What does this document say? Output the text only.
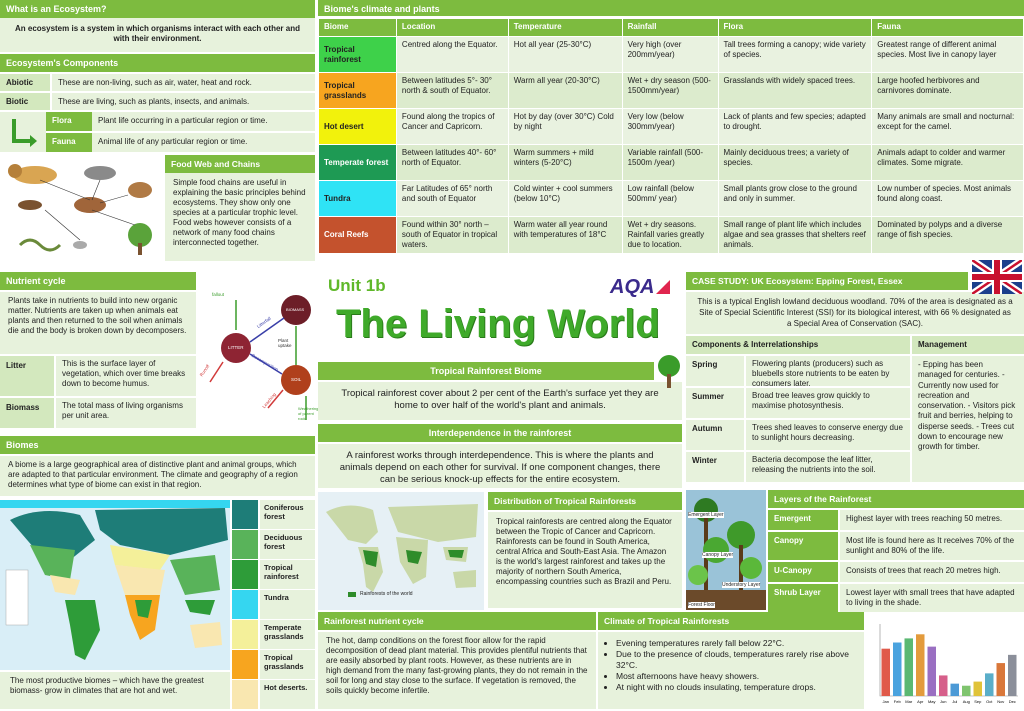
What is an Ecosystem?
An ecosystem is a system in which organisms interact with each other and with their environment.
Ecosystem's Components
Abiotic	These are non-living, such as air, water, heat and rock.
Biotic	These are living, such as plants, insects, and animals.
Flora	Plant life occurring in a particular region or time.
Fauna	Animal life of any particular region or time.
Food Web and Chains
Simple food chains are useful in explaining the basic principles behind ecosystems. They show only one species at a particular trophic level. Food webs however consists of a network of many food chains interconnected together.
Nutrient cycle
Plants take in nutrients to build into new organic matter. Nutrients are taken up when animals eat plants and then returned to the soil when animals die and the body is broken down by decomposers.
Litter	This is the surface layer of vegetation, which over time breaks down to become humus.
Biomass	The total mass of living organisms per unit area.
LITTER
BIOMASS
SOIL
fallout
Litterfall
Decomposition
Plant uptake
Runoff
Leaching	Weathering of parent rock
Biomes
A biome is a large geographical area of distinctive plant and animal groups, which are adapted to that particular environment. The climate and geography of a region determines what type of biome can exist in that region.
Coniferous forest
Deciduous forest
Tropical rainforest
Tundra
Temperate grasslands
Tropical grasslands
Hot deserts.
The most productive biomes – which have the greatest biomass- grow in climates that are hot and wet.
Biome's climate and plants
Biome	Location	Temperature	Rainfall	Flora	Fauna
Tropical rainforest	Centred along the Equator.	Hot all year (25-30°C)	Very high (over 200mm/year)	Tall trees forming a canopy; wide variety of species.	Greatest range of different animal species. Most live in canopy layer
Tropical grasslands	Between latitudes 5°- 30° north & south of Equator.	Warm all year (20-30°C)	Wet + dry season (500-1500mm/year)	Grasslands with widely spaced trees.	Large hoofed herbivores and carnivores dominate.
Hot desert	Found along the tropics of Cancer and Capricorn.	Hot by day (over 30°C) Cold by night	Very low (below 300mm/year)	Lack of plants and few species; adapted to drought.	Many animals are small and nocturnal: except for the camel.
Temperate forest	Between latitudes 40°- 60° north of Equator.	Warm summers + mild winters (5-20°C)	Variable rainfall (500-1500m /year)	Mainly deciduous trees; a variety of species.	Animals adapt to colder and warmer climates. Some migrate.
Tundra	Far Latitudes of 65° north and south of Equator	Cold winter + cool summers (below 10°C)	Low rainfall (below 500mm/ year)	Small plants grow close to the ground and only in summer.	Low number of species. Most animals found along coast.
Coral Reefs	Found within 30° north – south of Equator in tropical waters.	Warm water all year round with temperatures of 18°C	Wet + dry seasons. Rainfall varies greatly due to location.	Small range of plant life which includes algae and sea grasses that shelters reef animals.	Dominated by polyps and a diverse range of fish species.
Unit 1b	AQA
The Living World
Tropical Rainforest Biome
Tropical rainforest cover about 2 per cent of the Earth's surface yet they are home to over half of the world's plant and animals.
Interdependence in the rainforest
A rainforest works through interdependence. This is where the plants and animals depend on each other for survival. If one component changes, there can be serious knock-up effects for the entire ecosystem.
Rainforests of the world
Distribution of Tropical Rainforests
Tropical rainforests are centred along the Equator between the Tropic of Cancer and Capricorn. Rainforests can be found in South America, central Africa and South-East Asia. The Amazon is the world's largest rainforest and takes up the majority of northern South America, encompassing countries such as Brazil and Peru.
Rainforest nutrient cycle
The hot, damp conditions on the forest floor allow for the rapid decomposition of dead plant material. This provides plentiful nutrients that are easily absorbed by plant roots. However, as these nutrients are in high demand from the many fast-growing plants, they do not remain in the soil for long and stay close to the surface. If vegetation is removed, the soils quickly become infertile.
Climate of Tropical Rainforests
• Evening temperatures rarely fall below 22°C.
• Due to the presence of clouds, temperatures rarely rise above 32°C.
• Most afternoons have heavy showers.
• At night with no clouds insulating, temperature drops.
CASE STUDY: UK Ecosystem: Epping Forest, Essex
This is a typical English lowland deciduous woodland. 70% of the area is designated as a Site of Special Scientific Interest (SSI) for its biological interest, with 66 % designated as a Special Area of Conservation (SAC).
Components & Interrelationships
Spring	Flowering plants (producers) such as bluebells store nutrients to be eaten by consumers later.
Summer	Broad tree leaves grow quickly to maximise photosynthesis.
Autumn	Trees shed leaves to conserve energy due to sunlight hours decreasing.
Winter	Bacteria decompose the leaf litter, releasing the nutrients into the soil.
Management
- Epping has been managed for centuries. - Currently now used for recreation and conservation. - Visitors pick fruit and berries, helping to disperse seeds. - Trees cut down to encourage new growth for timber.
Emergent Layer
Canopy Layer
Understory Layer
Forest Floor
Layers of the Rainforest
Emergent	Highest layer with trees reaching 50 metres.
Canopy	Most life is found here as It receives 70% of the sunlight and 80% of the life.
U-Canopy	Consists of trees that reach 20 metres high.
Shrub Layer	Lowest layer with small trees that have adapted to living in the shade.
Jan Feb Mar Apr May Jun Jul Aug Sep Oct Nov Dec
